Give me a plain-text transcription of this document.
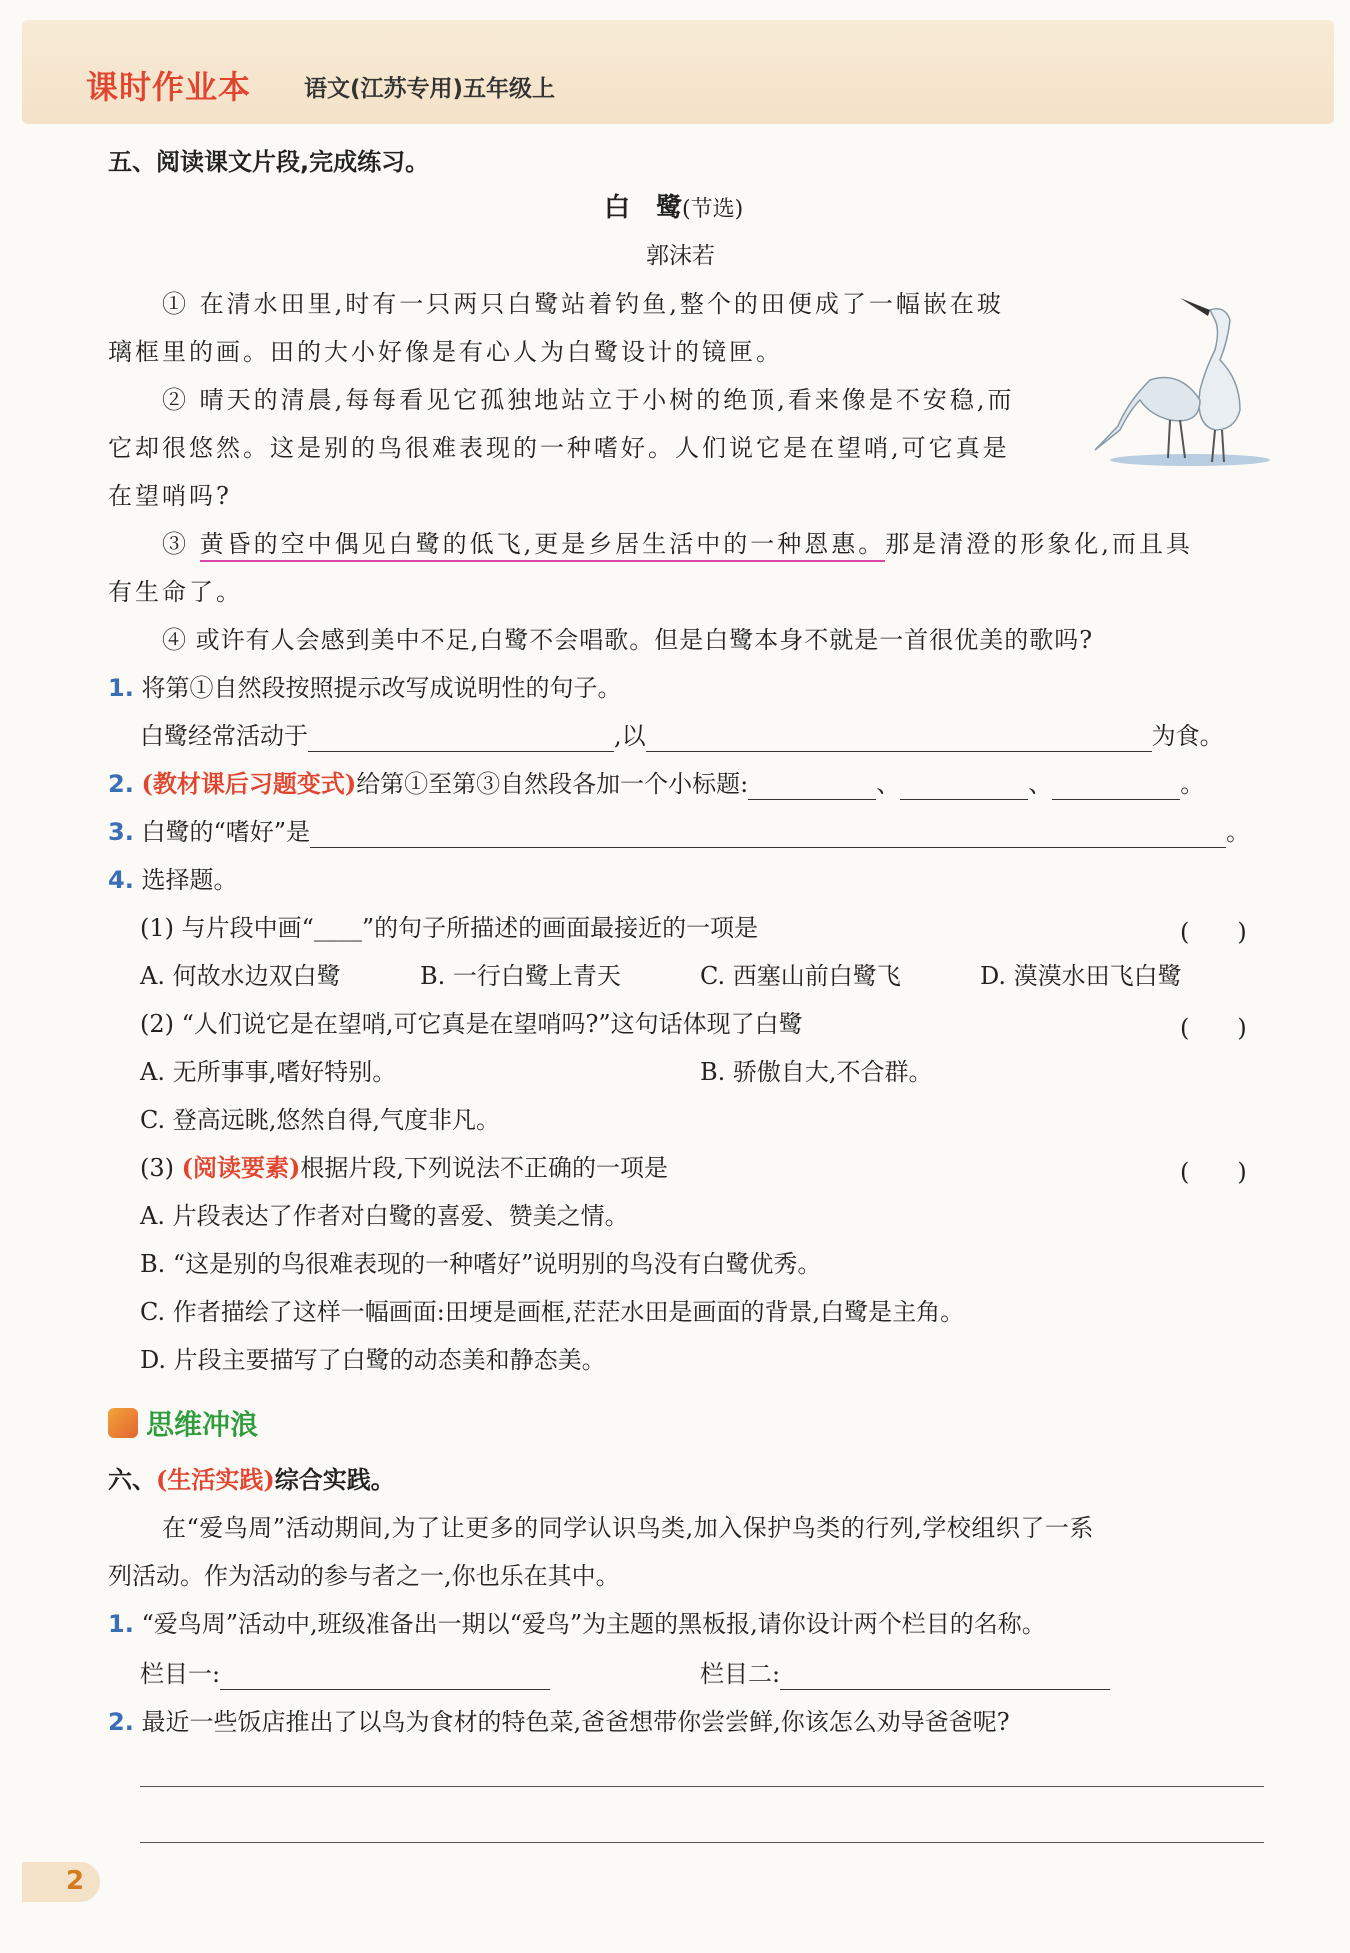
课时作业本 语文(江苏专用)五年级上
五、阅读课文片段,完成练习。
白　鹭(节选)
郭沫若
① 在清水田里,时有一只两只白鹭站着钓鱼,整个的田便成了一幅嵌在玻
璃框里的画。田的大小好像是有心人为白鹭设计的镜匣。
② 晴天的清晨,每每看见它孤独地站立于小树的绝顶,看来像是不安稳,而
它却很悠然。这是别的鸟很难表现的一种嗜好。人们说它是在望哨,可它真是
在望哨吗?
③ 黄昏的空中偶见白鹭的低飞,更是乡居生活中的一种恩惠。那是清澄的形象化,而且具
有生命了。
④ 或许有人会感到美中不足,白鹭不会唱歌。但是白鹭本身不就是一首很优美的歌吗?
1. 将第①自然段按照提示改写成说明性的句子。
白鹭经常活动于	,以	为食。
2. (教材课后习题变式)给第①至第③自然段各加一个小标题:	、	、	。
3. 白鹭的“嗜好”是	。
4. 选择题。
(1) 与片段中画“____”的句子所描述的画面最接近的一项是	(　　)
A. 何故水边双白鹭	B. 一行白鹭上青天	C. 西塞山前白鹭飞	D. 漠漠水田飞白鹭
(2) “人们说它是在望哨,可它真是在望哨吗?”这句话体现了白鹭	(　　)
A. 无所事事,嗜好特别。	B. 骄傲自大,不合群。
C. 登高远眺,悠然自得,气度非凡。
(3) (阅读要素)根据片段,下列说法不正确的一项是	(　　)
A. 片段表达了作者对白鹭的喜爱、赞美之情。
B. “这是别的鸟很难表现的一种嗜好”说明别的鸟没有白鹭优秀。
C. 作者描绘了这样一幅画面:田埂是画框,茫茫水田是画面的背景,白鹭是主角。
D. 片段主要描写了白鹭的动态美和静态美。
思维冲浪
六、(生活实践)综合实践。
在“爱鸟周”活动期间,为了让更多的同学认识鸟类,加入保护鸟类的行列,学校组织了一系
列活动。作为活动的参与者之一,你也乐在其中。
1. “爱鸟周”活动中,班级准备出一期以“爱鸟”为主题的黑板报,请你设计两个栏目的名称。
栏目一:	栏目二:
2. 最近一些饭店推出了以鸟为食材的特色菜,爸爸想带你尝尝鲜,你该怎么劝导爸爸呢?
2
